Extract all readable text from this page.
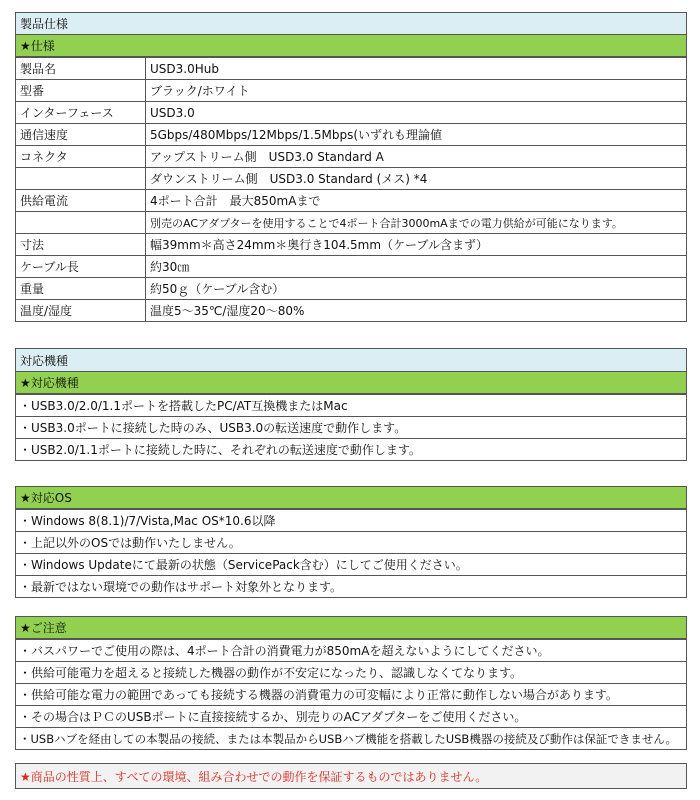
製品仕様
★仕様
製品名	USD3.0Hub
型番	ブラック/ホワイト
インターフェース	USD3.0
通信速度	5Gbps/480Mbps/12Mbps/1.5Mbps(いずれも理論値
コネクタ	アップストリーム側　USD3.0 Standard A
	ダウンストリーム側　USD3.0 Standard (メス) *4
供給電流	4ポート合計　最大850mAまで
	別売のACアダプターを使用することで4ポート合計3000mAまでの電力供給が可能になります。
寸法	幅39mm＊高さ24mm＊奥行き104.5mm（ケーブル含まず）
ケーブル長	約30㎝
重量	約50ｇ（ケーブル含む）
温度/湿度	温度5～35℃/湿度20～80%
対応機種
★対応機種
・USB3.0/2.0/1.1ポートを搭載したPC/AT互換機またはMac
・USB3.0ポートに接続した時のみ、USB3.0の転送速度で動作します。
・USB2.0/1.1ポートに接続した時に、それぞれの転送速度で動作します。
★対応OS
・Windows 8(8.1)/7/Vista,Mac OS*10.6以降
・上記以外のOSでは動作いたしません。
・Windows Updateにて最新の状態（ServicePack含む）にしてご使用ください。
・最新ではない環境での動作はサポート対象外となります。
★ご注意
・バスパワーでご使用の際は、4ポート合計の消費電力が850mAを超えないようにしてください。
・供給可能電力を超えると接続した機器の動作が不安定になったり、認識しなくてなります。
・供給可能な電力の範囲であっても接続する機器の消費電力の可変幅により正常に動作しない場合があります。
・その場合はＰＣのUSBポートに直接接続するか、別売りのACアダプターをご使用ください。
・USBハブを経由しての本製品の接続、または本製品からUSBハブ機能を搭載したUSB機器の接続及び動作は保証できません。
★商品の性質上、すべての環境、組み合わせでの動作を保証するものではありません。
